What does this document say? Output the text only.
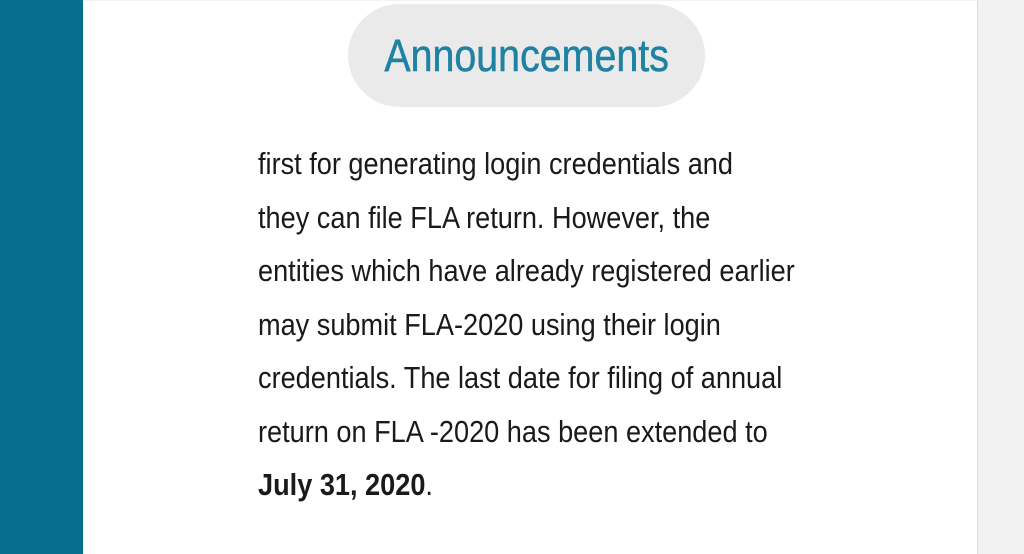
Announcements
first for generating login credentials and
they can file FLA return. However, the
entities which have already registered earlier
may submit FLA-2020 using their login
credentials. The last date for filing of annual
return on FLA -2020 has been extended to
July 31, 2020.
